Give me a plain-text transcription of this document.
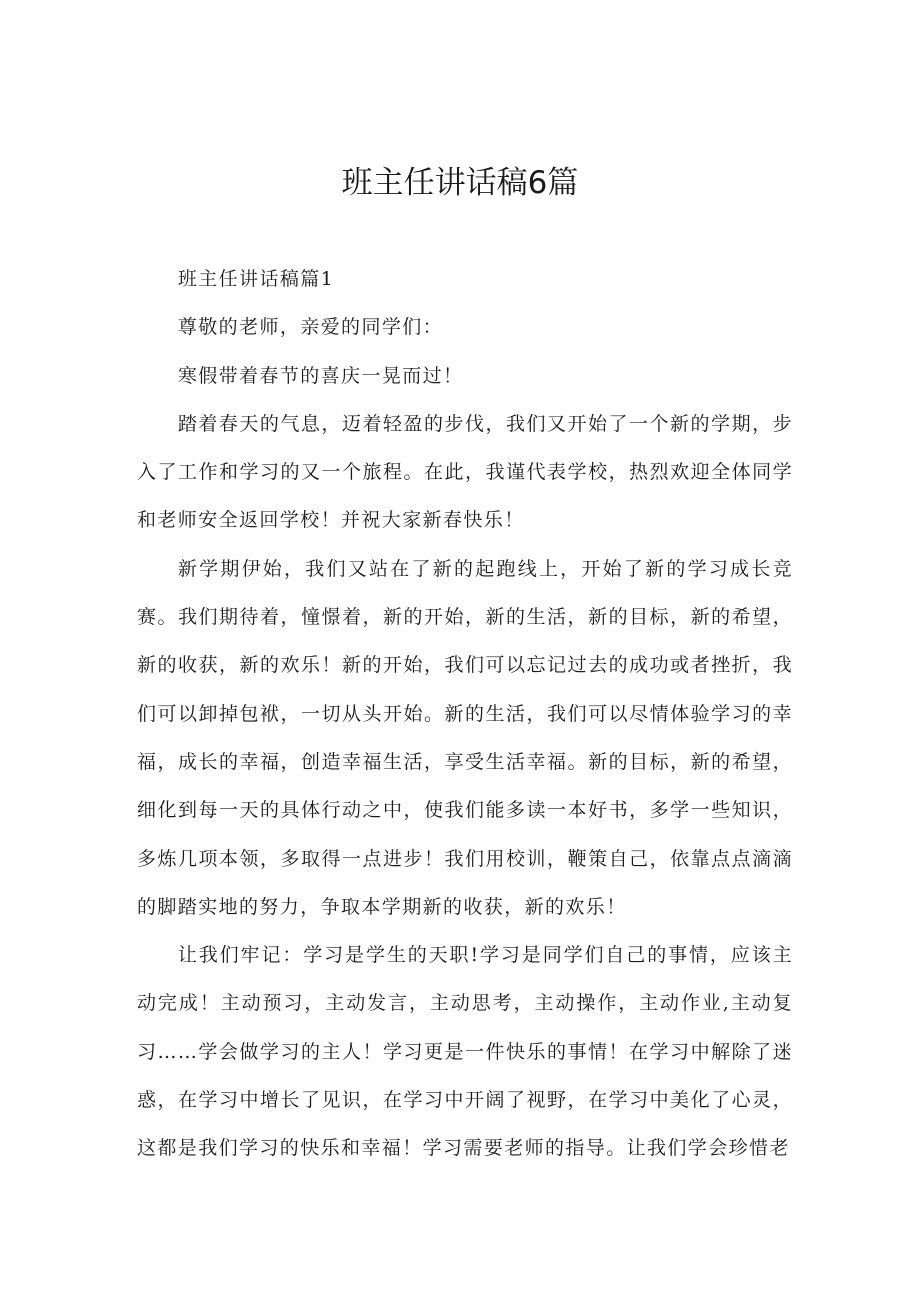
班主任讲话稿6篇

班主任讲话稿篇1

尊敬的老师，亲爱的同学们：

寒假带着春节的喜庆一晃而过！

踏着春天的气息，迈着轻盈的步伐，我们又开始了一个新的学期，步入了工作和学习的又一个旅程。在此，我谨代表学校，热烈欢迎全体同学和老师安全返回学校！并祝大家新春快乐！

新学期伊始，我们又站在了新的起跑线上，开始了新的学习成长竞赛。我们期待着，憧憬着，新的开始，新的生活，新的目标，新的希望，新的收获，新的欢乐！新的开始，我们可以忘记过去的成功或者挫折，我们可以卸掉包袱，一切从头开始。新的生活，我们可以尽情体验学习的幸福，成长的幸福，创造幸福生活，享受生活幸福。新的目标，新的希望，细化到每一天的具体行动之中，使我们能多读一本好书，多学一些知识，多炼几项本领，多取得一点进步！我们用校训，鞭策自己，依靠点点滴滴的脚踏实地的努力，争取本学期新的收获，新的欢乐！

让我们牢记：学习是学生的天职!学习是同学们自己的事情，应该主动完成！主动预习，主动发言，主动思考，主动操作，主动作业,主动复习……学会做学习的主人！学习更是一件快乐的事情！在学习中解除了迷惑，在学习中增长了见识，在学习中开阔了视野，在学习中美化了心灵，这都是我们学习的快乐和幸福！学习需要老师的指导。让我们学会珍惜老
